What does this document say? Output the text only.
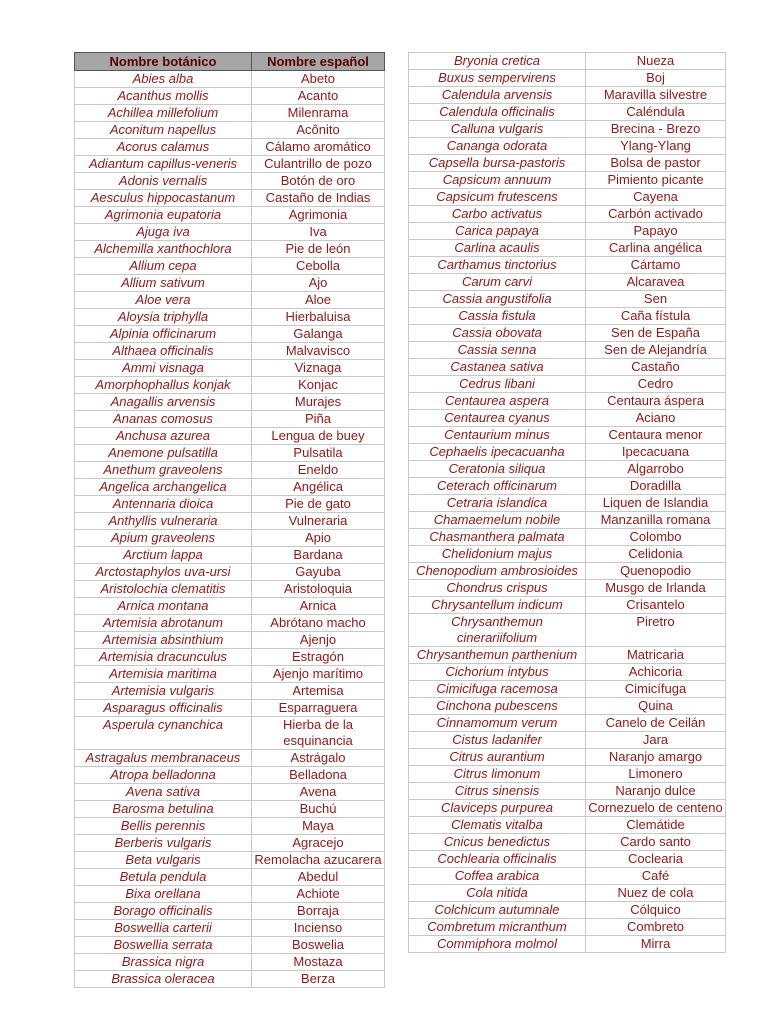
Nombre botánico	Nombre español
Abies alba	Abeto
Acanthus mollis	Acanto
Achillea millefolium	Milenrama
Aconitum napellus	Acônito
Acorus calamus	Cálamo aromático
Adiantum capillus-veneris	Culantrillo de pozo
Adonis vernalis	Botón de oro
Aesculus hippocastanum	Castaño de Indias
Agrimonia eupatoria	Agrimonia
Ajuga iva	Iva
Alchemilla xanthochlora	Pie de león
Allium cepa	Cebolla
Allium sativum	Ajo
Aloe vera	Aloe
Aloysia triphylla	Hierbaluisa
Alpinia officinarum	Galanga
Althaea officinalis	Malvavisco
Ammi visnaga	Viznaga
Amorphophallus konjak	Konjac
Anagallis arvensis	Murajes
Ananas comosus	Piña
Anchusa azurea	Lengua de buey
Anemone pulsatilla	Pulsatila
Anethum graveolens	Eneldo
Angelica archangelica	Angélica
Antennaria dioica	Pie de gato
Anthyllis vulneraria	Vulneraria
Apium graveolens	Apio
Arctium lappa	Bardana
Arctostaphylos uva-ursi	Gayuba
Aristolochia clematitis	Aristoloquia
Arnica montana	Arnica
Artemisia abrotanum	Abrótano macho
Artemisia absinthium	Ajenjo
Artemisia dracunculus	Estragón
Artemisia maritima	Ajenjo marítimo
Artemisia vulgaris	Artemisa
Asparagus officinalis	Esparraguera
Asperula cynanchica	Hierba de la esquinancia
Astragalus membranaceus	Astrágalo
Atropa belladonna	Belladona
Avena sativa	Avena
Barosma betulina	Buchú
Bellis perennis	Maya
Berberis vulgaris	Agracejo
Beta vulgaris	Remolacha azucarera
Betula pendula	Abedul
Bixa orellana	Achiote
Borago officinalis	Borraja
Boswellia carterii	Incienso
Boswellia serrata	Boswelia
Brassica nigra	Mostaza
Brassica oleracea	Berza
Bryonia cretica	Nueza
Buxus sempervirens	Boj
Calendula arvensis	Maravilla silvestre
Calendula officinalis	Caléndula
Calluna vulgaris	Brecina - Brezo
Cananga odorata	Ylang-Ylang
Capsella bursa-pastoris	Bolsa de pastor
Capsicum annuum	Pimiento picante
Capsicum frutescens	Cayena
Carbo activatus	Carbón activado
Carica papaya	Papayo
Carlina acaulis	Carlina angélica
Carthamus tinctorius	Cártamo
Carum carvi	Alcaravea
Cassia angustifolia	Sen
Cassia fistula	Caña fístula
Cassia obovata	Sen de España
Cassia senna	Sen de Alejandría
Castanea sativa	Castaño
Cedrus libani	Cedro
Centaurea aspera	Centaura áspera
Centaurea cyanus	Aciano
Centaurium minus	Centaura menor
Cephaelis ipecacuanha	Ipecacuana
Ceratonia siliqua	Algarrobo
Ceterach officinarum	Doradilla
Cetraria islandica	Liquen de Islandia
Chamaemelum nobile	Manzanilla romana
Chasmanthera palmata	Colombo
Chelidonium majus	Celidonia
Chenopodium ambrosioides	Quenopodio
Chondrus crispus	Musgo de Irlanda
Chrysantellum indicum	Crisantelo
Chrysanthemun cinerariifolium	Piretro
Chrysanthemun parthenium	Matricaria
Cichorium intybus	Achicoria
Cimicifuga racemosa	Cimicífuga
Cinchona pubescens	Quina
Cinnamomum verum	Canelo de Ceilán
Cistus ladanifer	Jara
Citrus aurantium	Naranjo amargo
Citrus limonum	Limonero
Citrus sinensis	Naranjo dulce
Claviceps purpurea	Cornezuelo de centeno
Clematis vitalba	Clemátide
Cnicus benedictus	Cardo santo
Cochlearia officinalis	Coclearia
Coffea arabica	Café
Cola nitida	Nuez de cola
Colchicum autumnale	Cólquico
Combretum micranthum	Combreto
Commiphora molmol	Mirra
